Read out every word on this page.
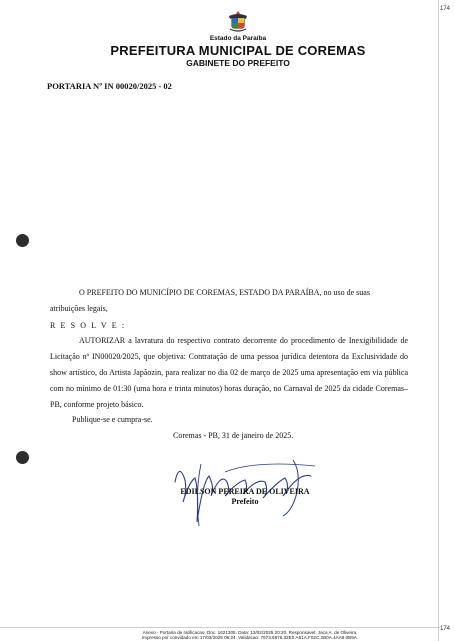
174
174
Estado da Paraíba
PREFEITURA MUNICIPAL DE COREMAS
GABINETE DO PREFEITO
PORTARIA Nº IN 00020/2025 - 02
O PREFEITO DO MUNICÍPIO DE COREMAS, ESTADO DA PARAÍBA, no uso de suas
atribuições legais,
R E S O L V E :
AUTORIZAR a lavratura do respectivo contrato decorrente do procedimento de Inexigibilidade de Licitação nº IN00020/2025, que objetiva: Contratação de uma pessoa jurídica detentora da Exclusividade do show artístico, do Artista Japãozin, para realizar no dia 02 de março de 2025 uma apresentação em via pública com no mínimo de 01:30 (uma hora e trinta minutos) horas duração, no Carnaval de 2025 da cidade Coremas–PB, conforme projeto básico.
Publique-se e cumpra-se.
Coremas - PB, 31 de janeiro de 2025.
EDILSON PEREIRA DE OLIVEIRA
Prefeito
Anexo - Portaria de ratificacao. Doc. 1621305. Data: 13/02/2025 20:20. Responsavel: Jaca A. de Oliveira.
Impresso por convidado em 17/03/2025 08:24. Validacao: 7673.6876.32E0.A51A.F02C.2B0A.4AA9.0B9A.
